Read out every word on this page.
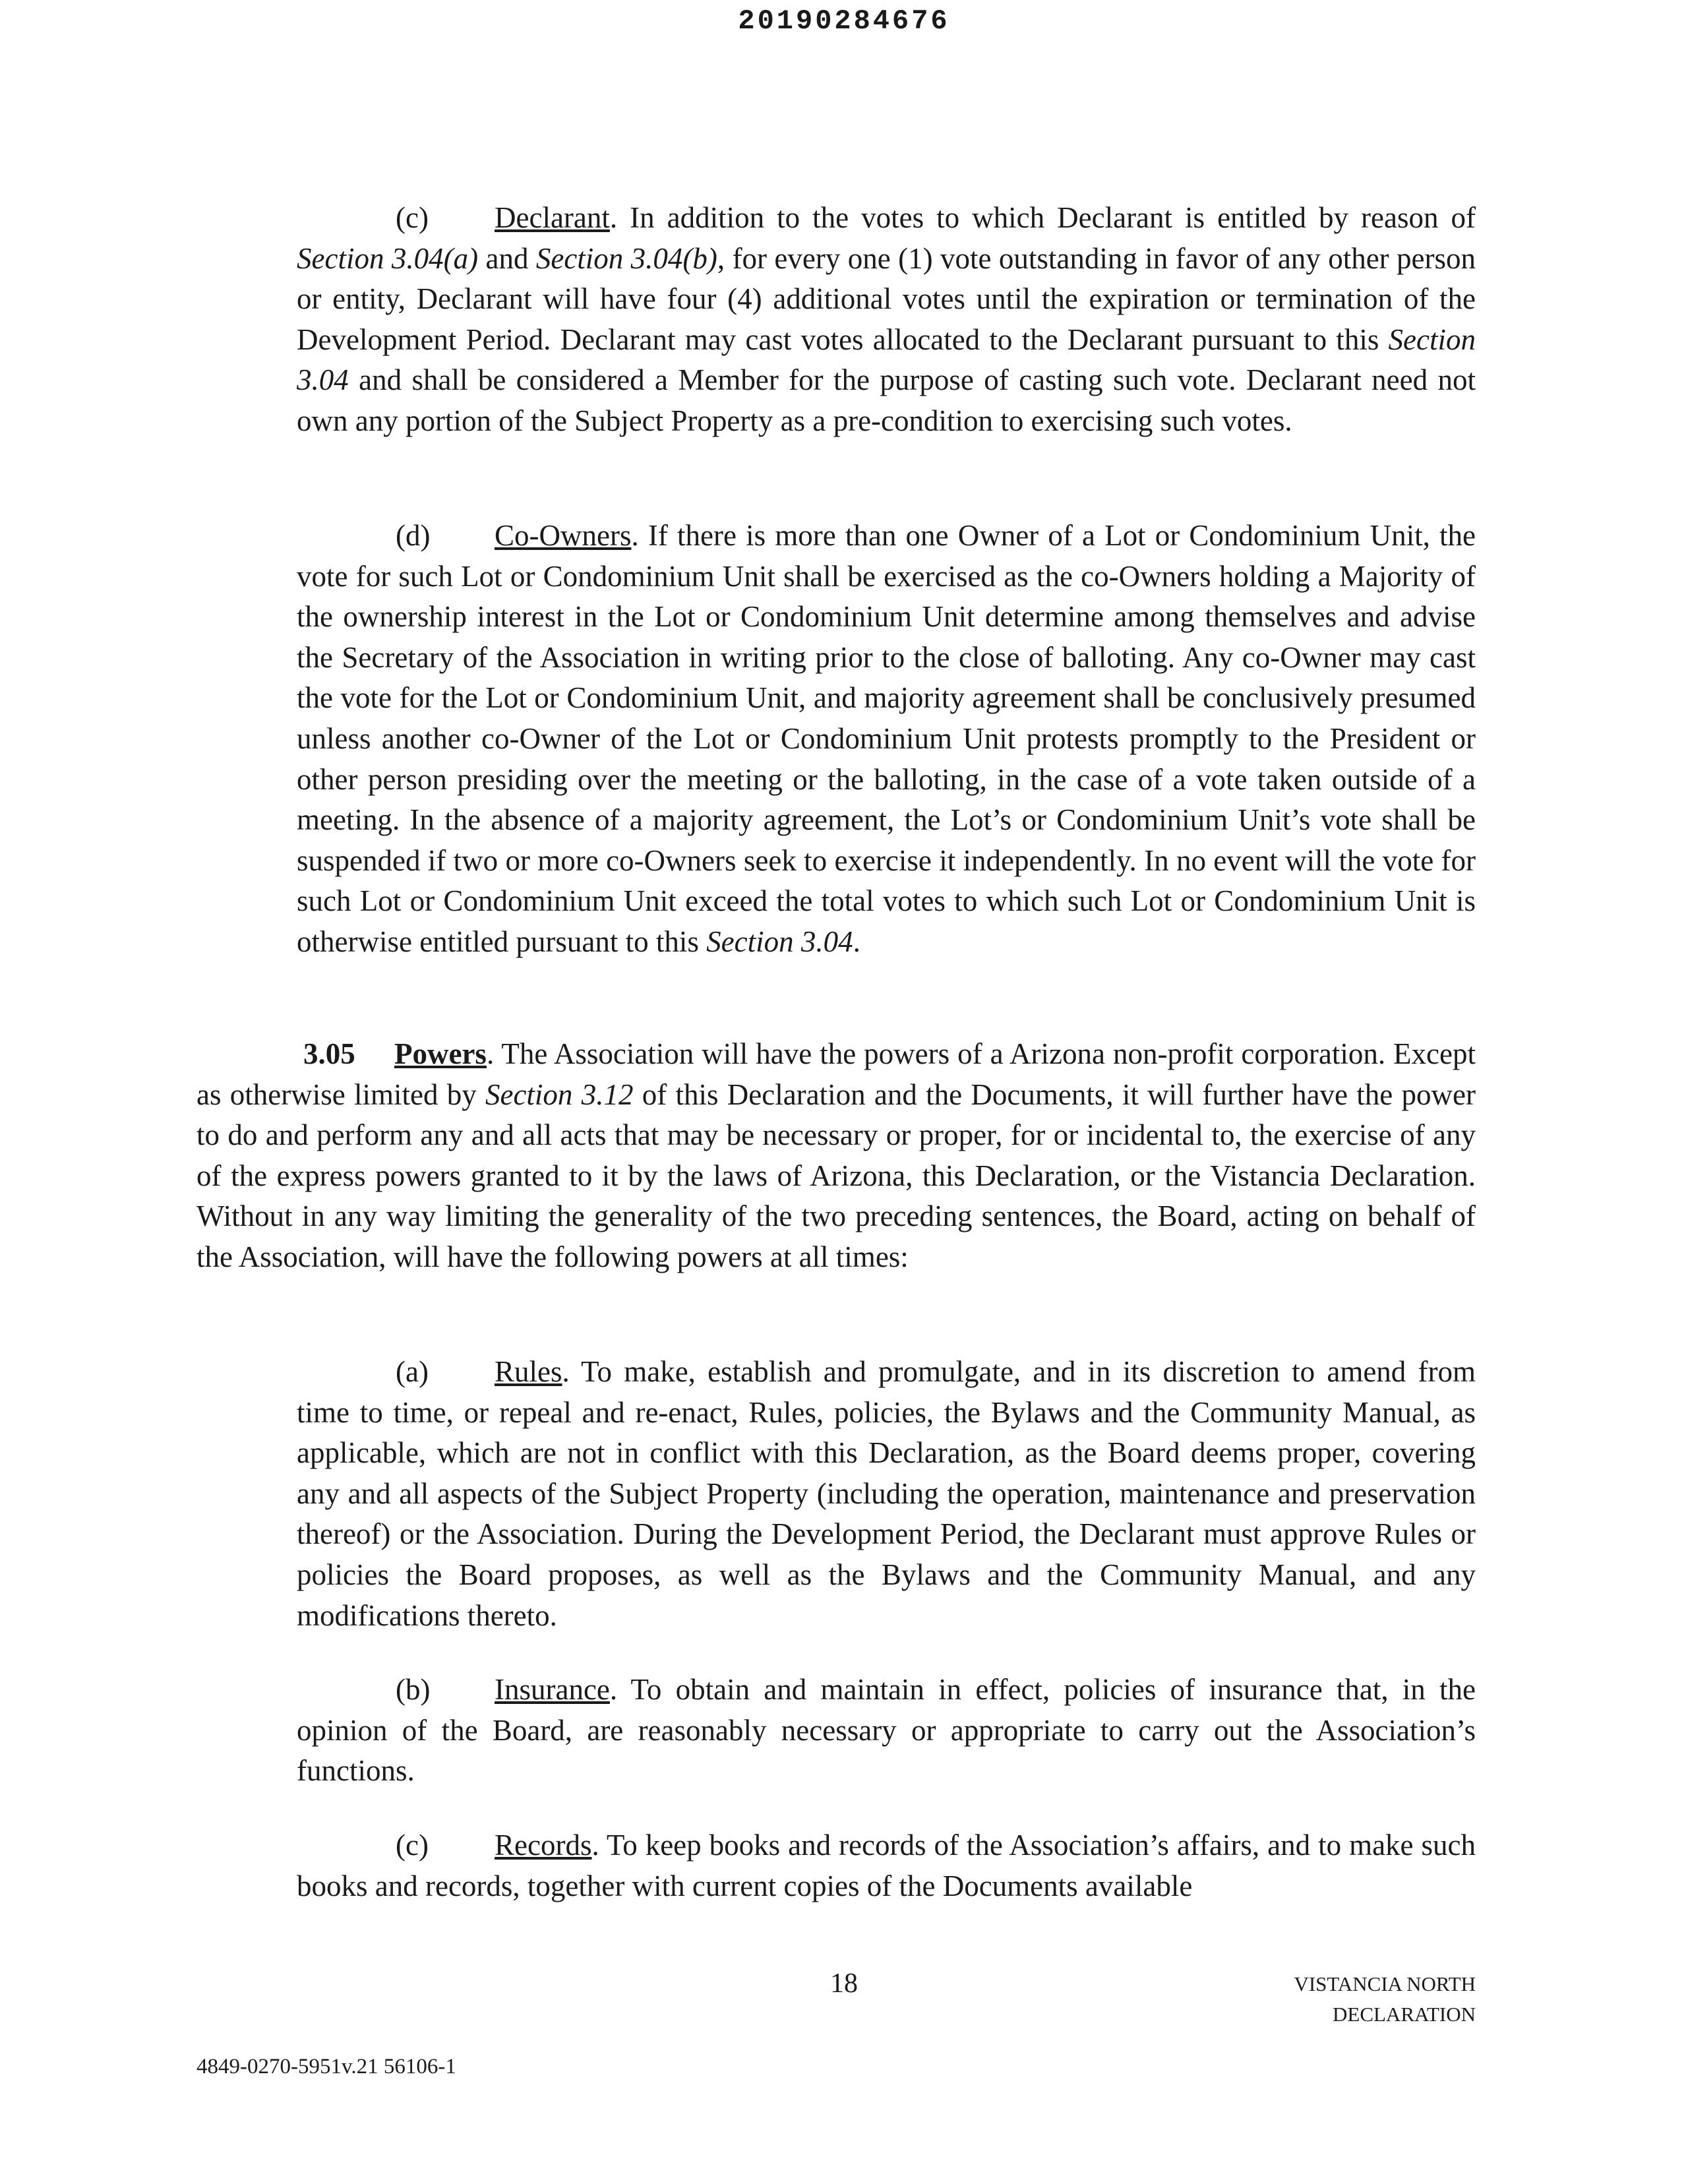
20190284676

(c) Declarant. In addition to the votes to which Declarant is entitled by reason of Section 3.04(a) and Section 3.04(b), for every one (1) vote outstanding in favor of any other person or entity, Declarant will have four (4) additional votes until the expiration or termination of the Development Period. Declarant may cast votes allocated to the Declarant pursuant to this Section 3.04 and shall be considered a Member for the purpose of casting such vote. Declarant need not own any portion of the Subject Property as a pre-condition to exercising such votes.

(d) Co-Owners. If there is more than one Owner of a Lot or Condominium Unit, the vote for such Lot or Condominium Unit shall be exercised as the co-Owners holding a Majority of the ownership interest in the Lot or Condominium Unit determine among themselves and advise the Secretary of the Association in writing prior to the close of balloting. Any co-Owner may cast the vote for the Lot or Condominium Unit, and majority agreement shall be conclusively presumed unless another co-Owner of the Lot or Condominium Unit protests promptly to the President or other person presiding over the meeting or the balloting, in the case of a vote taken outside of a meeting. In the absence of a majority agreement, the Lot’s or Condominium Unit’s vote shall be suspended if two or more co-Owners seek to exercise it independently. In no event will the vote for such Lot or Condominium Unit exceed the total votes to which such Lot or Condominium Unit is otherwise entitled pursuant to this Section 3.04.

3.05 Powers. The Association will have the powers of a Arizona non-profit corporation. Except as otherwise limited by Section 3.12 of this Declaration and the Documents, it will further have the power to do and perform any and all acts that may be necessary or proper, for or incidental to, the exercise of any of the express powers granted to it by the laws of Arizona, this Declaration, or the Vistancia Declaration. Without in any way limiting the generality of the two preceding sentences, the Board, acting on behalf of the Association, will have the following powers at all times:

(a) Rules. To make, establish and promulgate, and in its discretion to amend from time to time, or repeal and re-enact, Rules, policies, the Bylaws and the Community Manual, as applicable, which are not in conflict with this Declaration, as the Board deems proper, covering any and all aspects of the Subject Property (including the operation, maintenance and preservation thereof) or the Association. During the Development Period, the Declarant must approve Rules or policies the Board proposes, as well as the Bylaws and the Community Manual, and any modifications thereto.

(b) Insurance. To obtain and maintain in effect, policies of insurance that, in the opinion of the Board, are reasonably necessary or appropriate to carry out the Association’s functions.

(c) Records. To keep books and records of the Association’s affairs, and to make such books and records, together with current copies of the Documents available

18	VISTANCIA NORTH
DECLARATION
4849-0270-5951v.21 56106-1
